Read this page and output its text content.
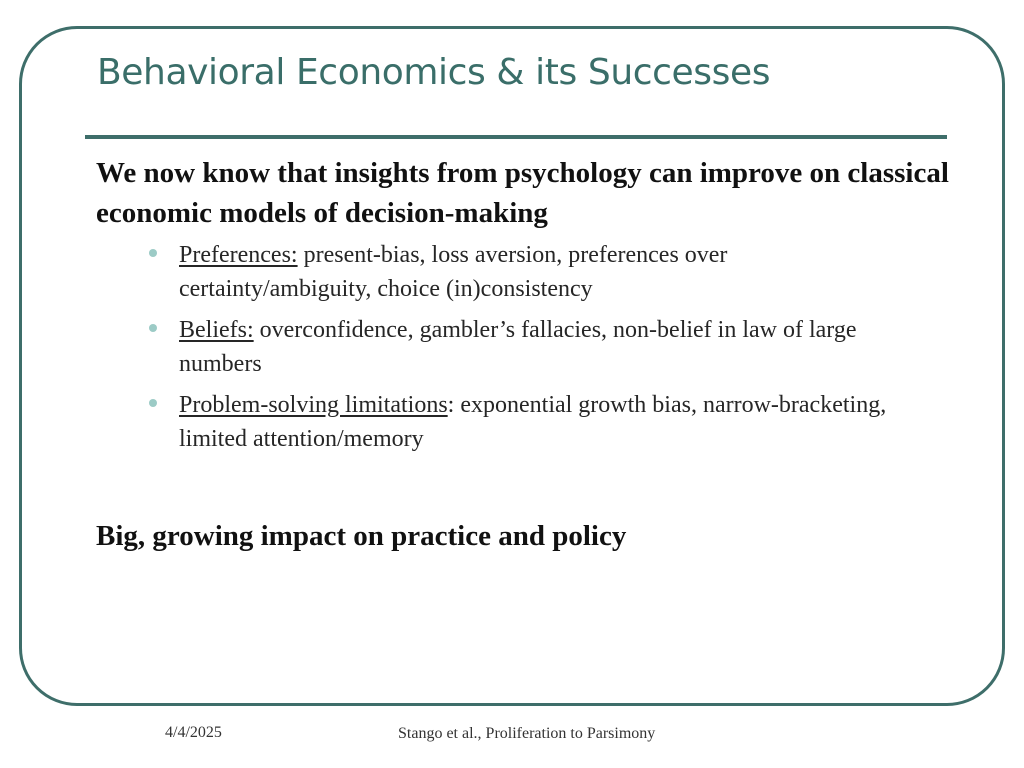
Behavioral Economics & its Successes

We now know that insights from psychology can improve on classical economic models of decision-making

Preferences: present-bias, loss aversion, preferences over certainty/ambiguity, choice (in)consistency
Beliefs: overconfidence, gambler’s fallacies, non-belief in law of large numbers
Problem-solving limitations: exponential growth bias, narrow-bracketing, limited attention/memory

Big, growing impact on practice and policy

4/4/2025	Stango et al., Proliferation to Parsimony
